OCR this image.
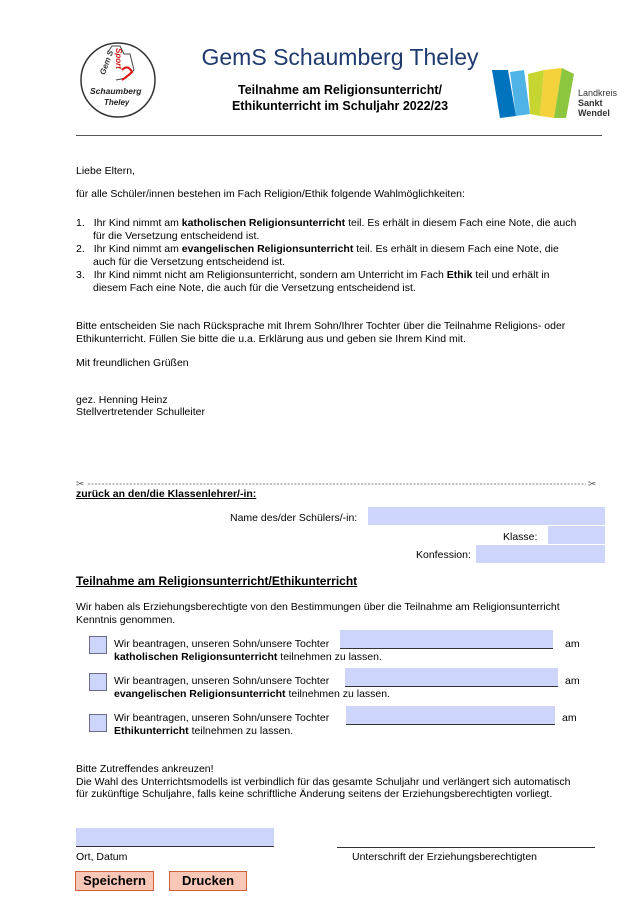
Gem S
Sport
Schaumberg
Theley
GemS Schaumberg Theley
Teilnahme am Religionsunterricht/
Ethikunterricht im Schuljahr 2022/23
Landkreis
Sankt
Wendel
Liebe Eltern,
für alle Schüler/innen bestehen im Fach Religion/Ethik folgende Wahlmöglichkeiten:
1. Ihr Kind nimmt am katholischen Religionsunterricht teil. Es erhält in diesem Fach eine Note, die auch
für die Versetzung entscheidend ist.
2. Ihr Kind nimmt am evangelischen Religionsunterricht teil. Es erhält in diesem Fach eine Note, die
auch für die Versetzung entscheidend ist.
3. Ihr Kind nimmt nicht am Religionsunterricht, sondern am Unterricht im Fach Ethik teil und erhält in
diesem Fach eine Note, die auch für die Versetzung entscheidend ist.
Bitte entscheiden Sie nach Rücksprache mit Ihrem Sohn/Ihrer Tochter über die Teilnahme Religions- oder
Ethikunterricht. Füllen Sie bitte die u.a. Erklärung aus und geben sie Ihrem Kind mit.
Mit freundlichen Grüßen
gez. Henning Heinz
Stellvertretender Schulleiter
✂	✂
zurück an den/die Klassenlehrer/-in:
Name des/der Schülers/-in:
Klasse:
Konfession:
Teilnahme am Religionsunterricht/Ethikunterricht
Wir haben als Erziehungsberechtigte von den Bestimmungen über die Teilnahme am Religionsunterricht
Kenntnis genommen.
Wir beantragen, unseren Sohn/unsere Tochter
katholischen Religionsunterricht teilnehmen zu lassen.
am
Wir beantragen, unseren Sohn/unsere Tochter
evangelischen Religionsunterricht teilnehmen zu lassen.
am
Wir beantragen, unseren Sohn/unsere Tochter
Ethikunterricht teilnehmen zu lassen.
am
Bitte Zutreffendes ankreuzen!
Die Wahl des Unterrichtsmodells ist verbindlich für das gesamte Schuljahr und verlängert sich automatisch
für zukünftige Schuljahre, falls keine schriftliche Änderung seitens der Erziehungsberechtigten vorliegt.
Ort, Datum	Unterschrift der Erziehungsberechtigten
Speichern	Drucken
